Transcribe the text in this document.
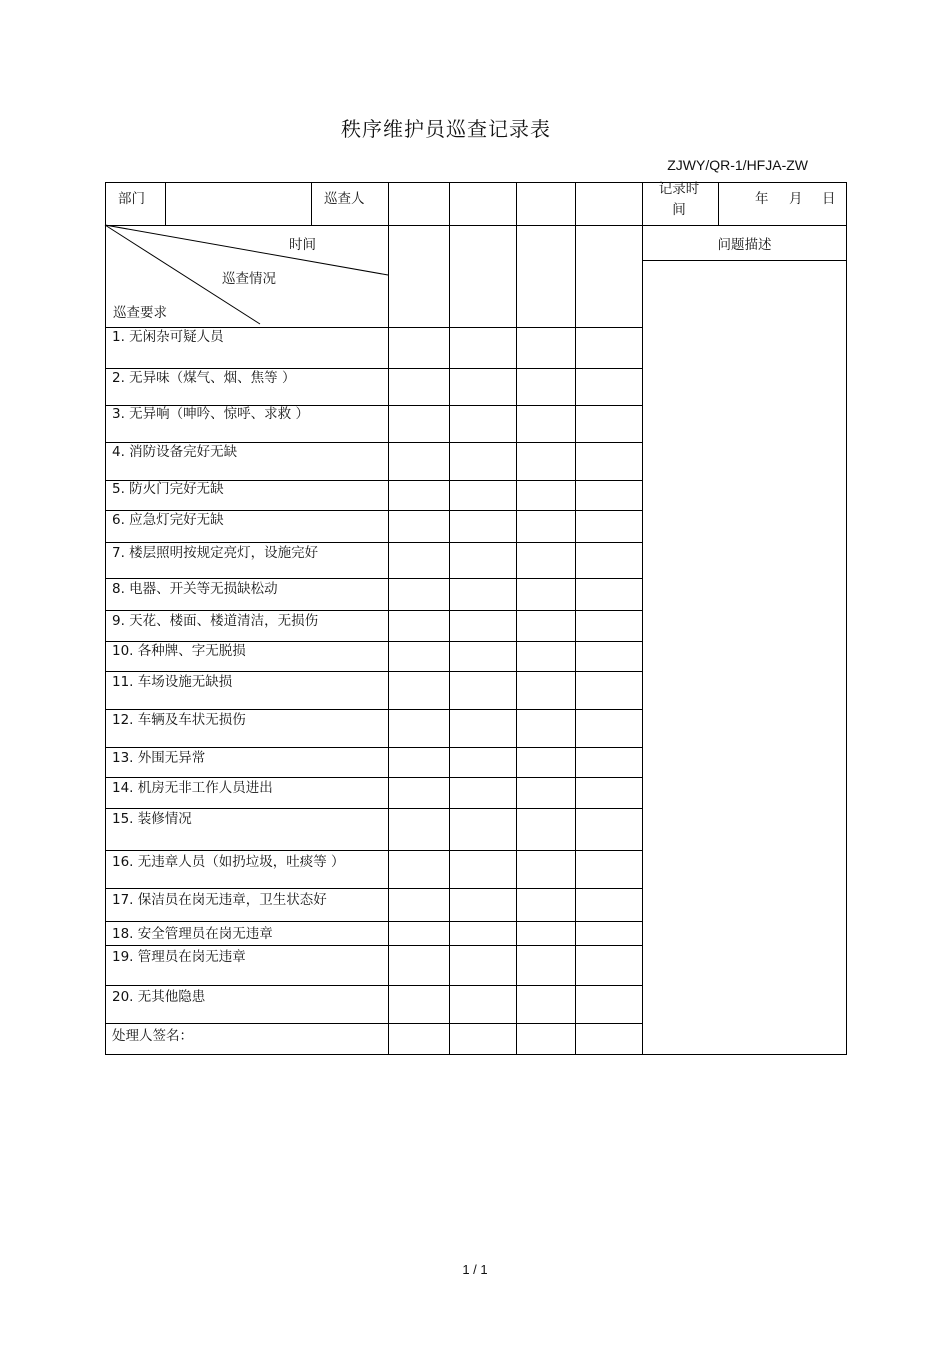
秩序维护员巡查记录表
ZJWY/QR-1/HFJA-ZW
部门	巡查人
记录时
间
年 月 日
时间
巡查情况
巡查要求
问题描述
1. 无闲杂可疑人员
2. 无异味（煤气、烟、焦等 ）
3. 无异响（呻吟、惊呼、求救 ）
4. 消防设备完好无缺
5. 防火门完好无缺
6. 应急灯完好无缺
7. 楼层照明按规定亮灯，设施完好
8. 电器、开关等无损缺松动
9. 天花、楼面、楼道清洁，无损伤
10. 各种牌、字无脱损
11. 车场设施无缺损
12. 车辆及车状无损伤
13. 外围无异常
14. 机房无非工作人员进出
15. 装修情况
16. 无违章人员（如扔垃圾，吐痰等 ）
17. 保洁员在岗无违章，卫生状态好
18. 安全管理员在岗无违章
19. 管理员在岗无违章
20. 无其他隐患
处理人签名：
1 / 1
